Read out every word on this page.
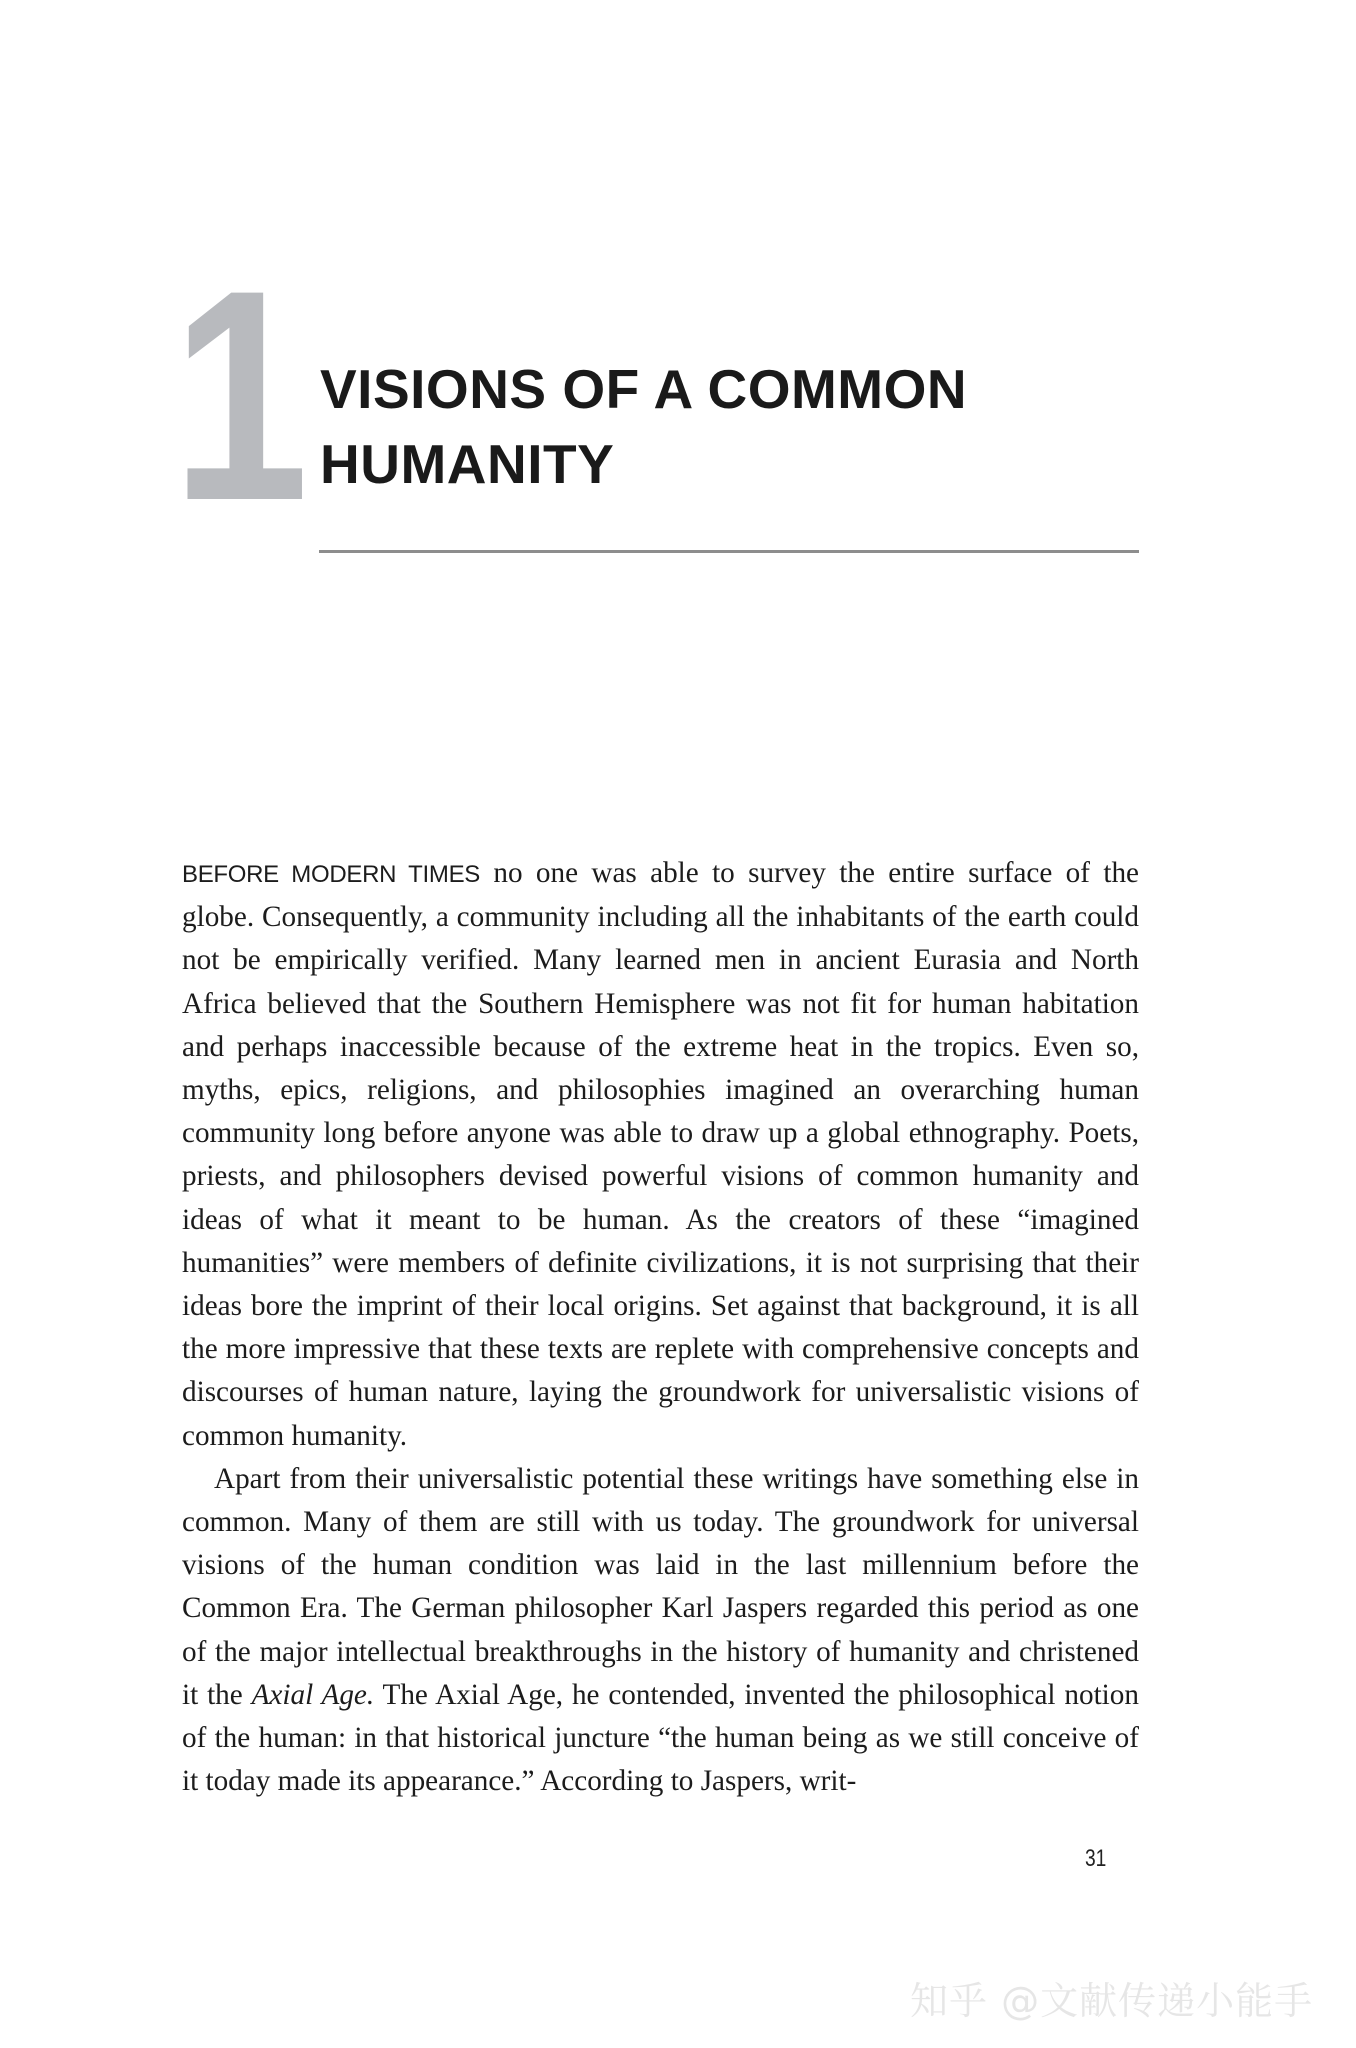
1 VISIONS OF A COMMON
HUMANITY

BEFORE MODERN TIMES no one was able to survey the entire surface of the globe. Consequently, a community including all the inhabitants of the earth could not be empirically verified. Many learned men in ancient Eurasia and North Africa believed that the Southern Hemisphere was not fit for human habitation and perhaps inaccessible because of the extreme heat in the tropics. Even so, myths, epics, religions, and philosophies imagined an overarching human community long before anyone was able to draw up a global ethnography. Poets, priests, and philosophers devised powerful visions of common humanity and ideas of what it meant to be human. As the creators of these “imagined humanities” were members of definite civilizations, it is not surprising that their ideas bore the imprint of their local origins. Set against that background, it is all the more impressive that these texts are replete with comprehensive concepts and discourses of human nature, laying the groundwork for universalistic visions of common humanity.

Apart from their universalistic potential these writings have something else in common. Many of them are still with us today. The groundwork for universal visions of the human condition was laid in the last millennium before the Common Era. The German philosopher Karl Jaspers regarded this period as one of the major intellectual breakthroughs in the history of humanity and christened it the Axial Age. The Axial Age, he contended, invented the philosophical notion of the human: in that historical juncture “the human being as we still conceive of it today made its appearance.” According to Jaspers, writ-

31
知乎 @文献传递小能手
